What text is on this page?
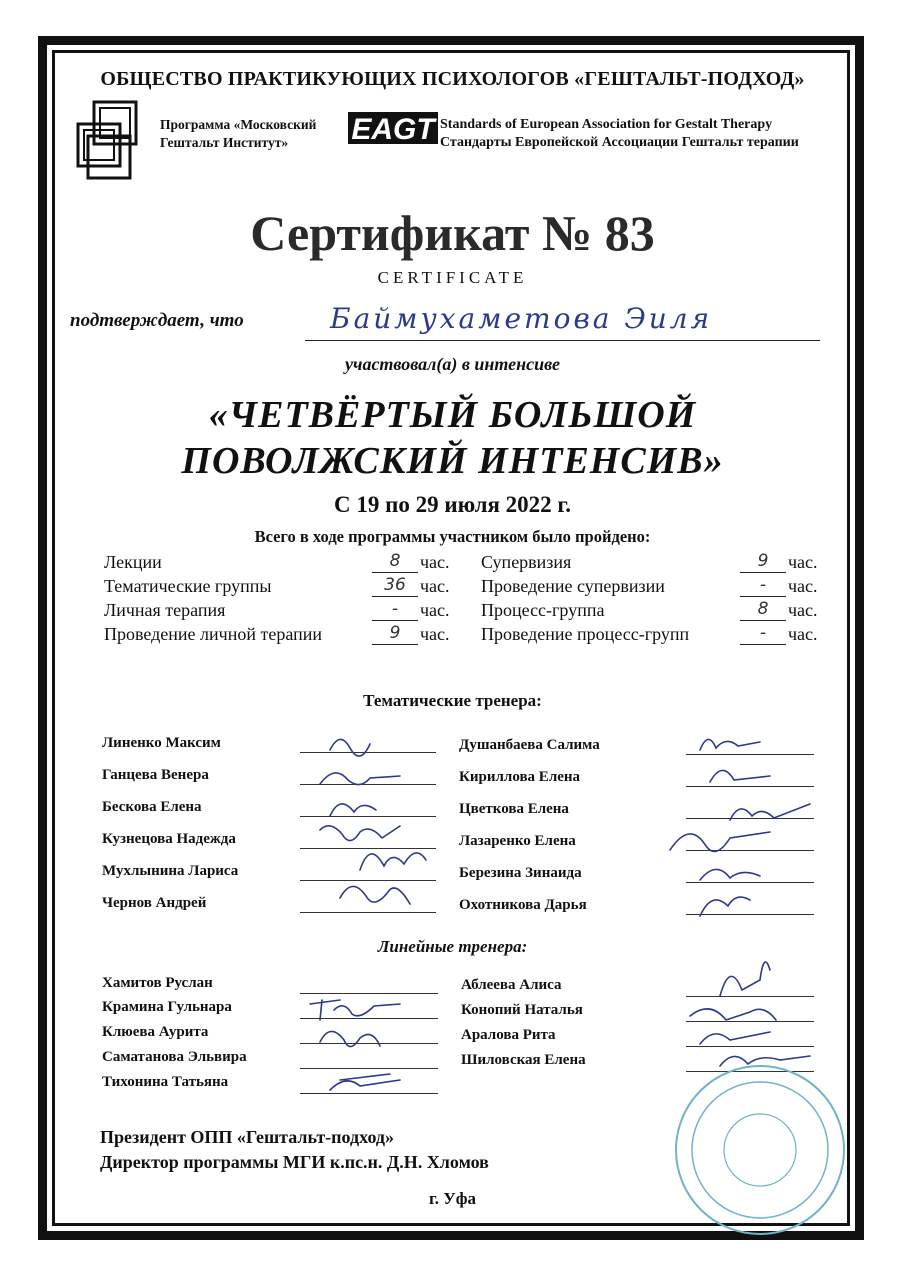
ОБЩЕСТВО ПРАКТИКУЮЩИХ ПСИХОЛОГОВ «ГЕШТАЛЬТ-ПОДХОД»
Программа «Московский
Гештальт Институт»	EAGT Standards of European Association for Gestalt Therapy
Стандарты Европейской Ассоциации Гештальт терапии
Сертификат № 83
CERTIFICATE
подтверждает, что	Баймухаметова Эиля
участвовал(а) в интенсиве
«ЧЕТВЁРТЫЙ БОЛЬШОЙ
ПОВОЛЖСКИЙ ИНТЕНСИВ»
С 19 по 29 июля 2022 г.
Всего в ходе программы участником было пройдено:
Лекции	8	час. Супервизия	9	час.
Тематические группы	36 час. Проведение супервизии	-	час.
Личная терапия	-	час. Процесс-группа	8	час.
Проведение личной терапии	9	час. Проведение процесс-групп	-	час.
Тематические тренера:
Линенко Максим
Ганцева Венера
Бескова Елена
Кузнецова Надежда
Мухлынина Лариса
Чернов Андрей
Душанбаева Салима
Кириллова Елена
Цветкова Елена
Лазаренко Елена
Березина Зинаида
Охотникова Дарья
Линейные тренера:
Хамитов Руслан
Крамина Гульнара
Клюева Аурита
Саматанова Эльвира
Тихонина Татьяна
Аблеева Алиса
Конопий Наталья
Аралова Рита
Шиловская Елена
Президент ОПП «Гештальт-подход»
Директор программы МГИ к.пс.н. Д.Н. Хломов
г. Уфа
